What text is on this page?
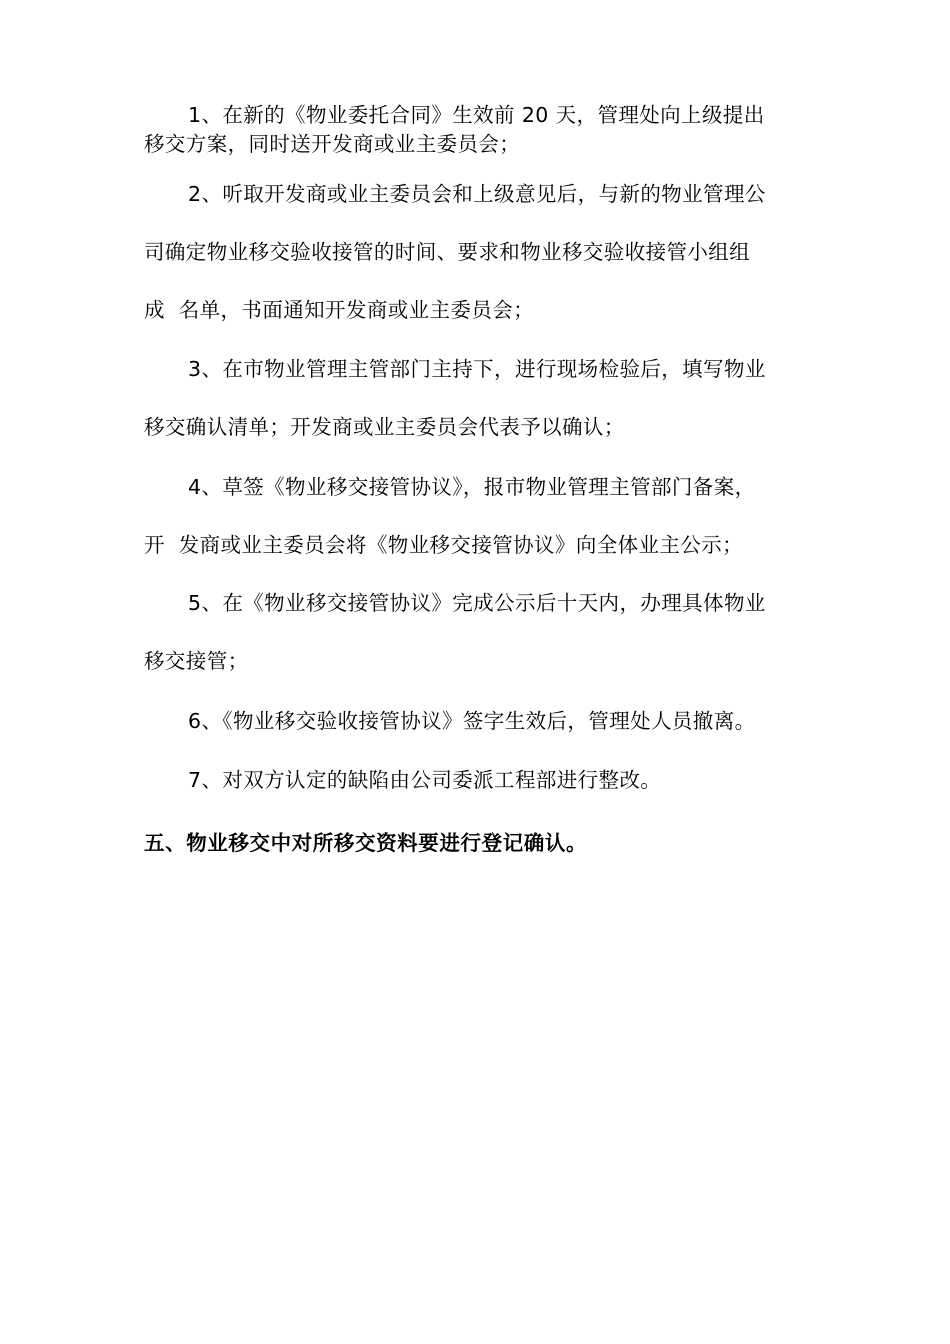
1、在新的《物业委托合同》生效前 20 天，管理处向上级提出
移交方案，同时送开发商或业主委员会；
2、听取开发商或业主委员会和上级意见后，与新的物业管理公
司确定物业移交验收接管的时间、要求和物业移交验收接管小组组
成  名单，书面通知开发商或业主委员会；
3、在市物业管理主管部门主持下，进行现场检验后，填写物业
移交确认清单；开发商或业主委员会代表予以确认；
4、草签《物业移交接管协议》，报市物业管理主管部门备案，
开  发商或业主委员会将《物业移交接管协议》向全体业主公示；
5、在《物业移交接管协议》完成公示后十天内，办理具体物业
移交接管；
6、《物业移交验收接管协议》签字生效后，管理处人员撤离。
7、对双方认定的缺陷由公司委派工程部进行整改。
五、物业移交中对所移交资料要进行登记确认。
